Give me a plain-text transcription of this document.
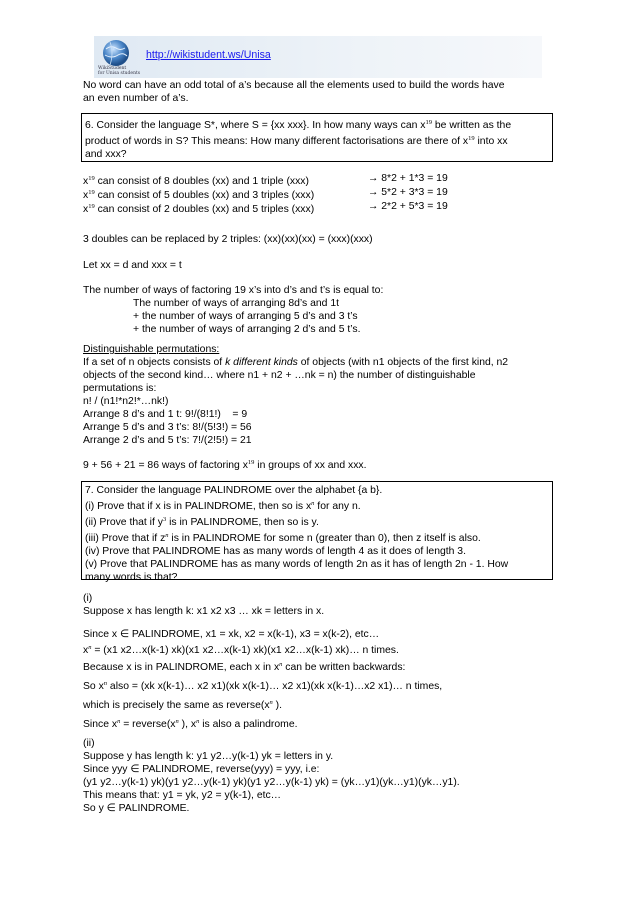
WikiStudent
for Unisa students
http://wikistudent.ws/Unisa
No word can have an odd total of a’s because all the elements used to build the words have
an even number of a’s.
6. Consider the language S*, where S = {xx xxx}. In how many ways can $x^{19}$ be written as the
product of words in S? This means: How many different factorisations are there of $x^{19}$ into xx
and xxx?
$x^{19}$ can consist of 8 doubles (xx) and 1 triple (xxx)	→ 8*2 + 1*3 = 19
$x^{19}$ can consist of 5 doubles (xx) and 3 triples (xxx)	→ 5*2 + 3*3 = 19
$x^{19}$ can consist of 2 doubles (xx) and 5 triples (xxx)	→ 2*2 + 5*3 = 19
3 doubles can be replaced by 2 triples: (xx)(xx)(xx) = (xxx)(xxx)
Let xx = d and xxx = t
The number of ways of factoring 19 x’s into d’s and t’s is equal to:
The number of ways of arranging 8d’s and 1t
+ the number of ways of arranging 5 d’s and 3 t’s
+ the number of ways of arranging 2 d’s and 5 t’s.
Distinguishable permutations:
If a set of n objects consists of k different kinds of objects (with n1 objects of the first kind, n2
objects of the second kind… where n1 + n2 + …nk = n) the number of distinguishable
permutations is:
n! / (n1!*n2!*…nk!)
Arrange 8 d’s and 1 t: 9!/(8!1!)    = 9
Arrange 5 d’s and 3 t’s: 8!/(5!3!) = 56
Arrange 2 d’s and 5 t’s: 7!/(2!5!) = 21
9 + 56 + 21 = 86 ways of factoring $x^{19}$ in groups of xx and xxx.
7. Consider the language PALINDROME over the alphabet {a b}.
(i) Prove that if x is in PALINDROME, then so is $x^n$ for any n.
(ii) Prove that if $y^3$ is in PALINDROME, then so is y.
(iii) Prove that if $z^n$ is in PALINDROME for some n (greater than 0), then z itself is also.
(iv) Prove that PALINDROME has as many words of length 4 as it does of length 3.
(v) Prove that PALINDROME has as many words of length 2n as it has of length 2n - 1. How
many words is that?
(i)
Suppose x has length k: x1 x2 x3 … xk = letters in x.
Since x ∈ PALINDROME, x1 = xk, x2 = x(k-1), x3 = x(k-2), etc…
$x^n = (x1$ x2…x(k-1) xk)(x1 x2…x(k-1) xk)(x1 x2…x(k-1) xk)… n times.
Because x is in PALINDROME, each x in $x^n$ can be written backwards:
So $x^n$ also = (xk x(k-1)… x2 x1)(xk x(k-1)… x2 x1)(xk x(k-1)…x2 x1)… n times,
which is precisely the same as $reverse(x^n$ ).
Since $x^n$ = $reverse(x^n$ ), $x^n$ is also a palindrome.
(ii)
Suppose y has length k: y1 y2…y(k-1) yk = letters in y.
Since yyy ∈ PALINDROME, reverse(yyy) = yyy, i.e:
(y1 y2…y(k-1) yk)(y1 y2…y(k-1) yk)(y1 y2…y(k-1) yk) = (yk…y1)(yk…y1)(yk…y1).
This means that: y1 = yk, y2 = y(k-1), etc…
So y ∈ PALINDROME.
